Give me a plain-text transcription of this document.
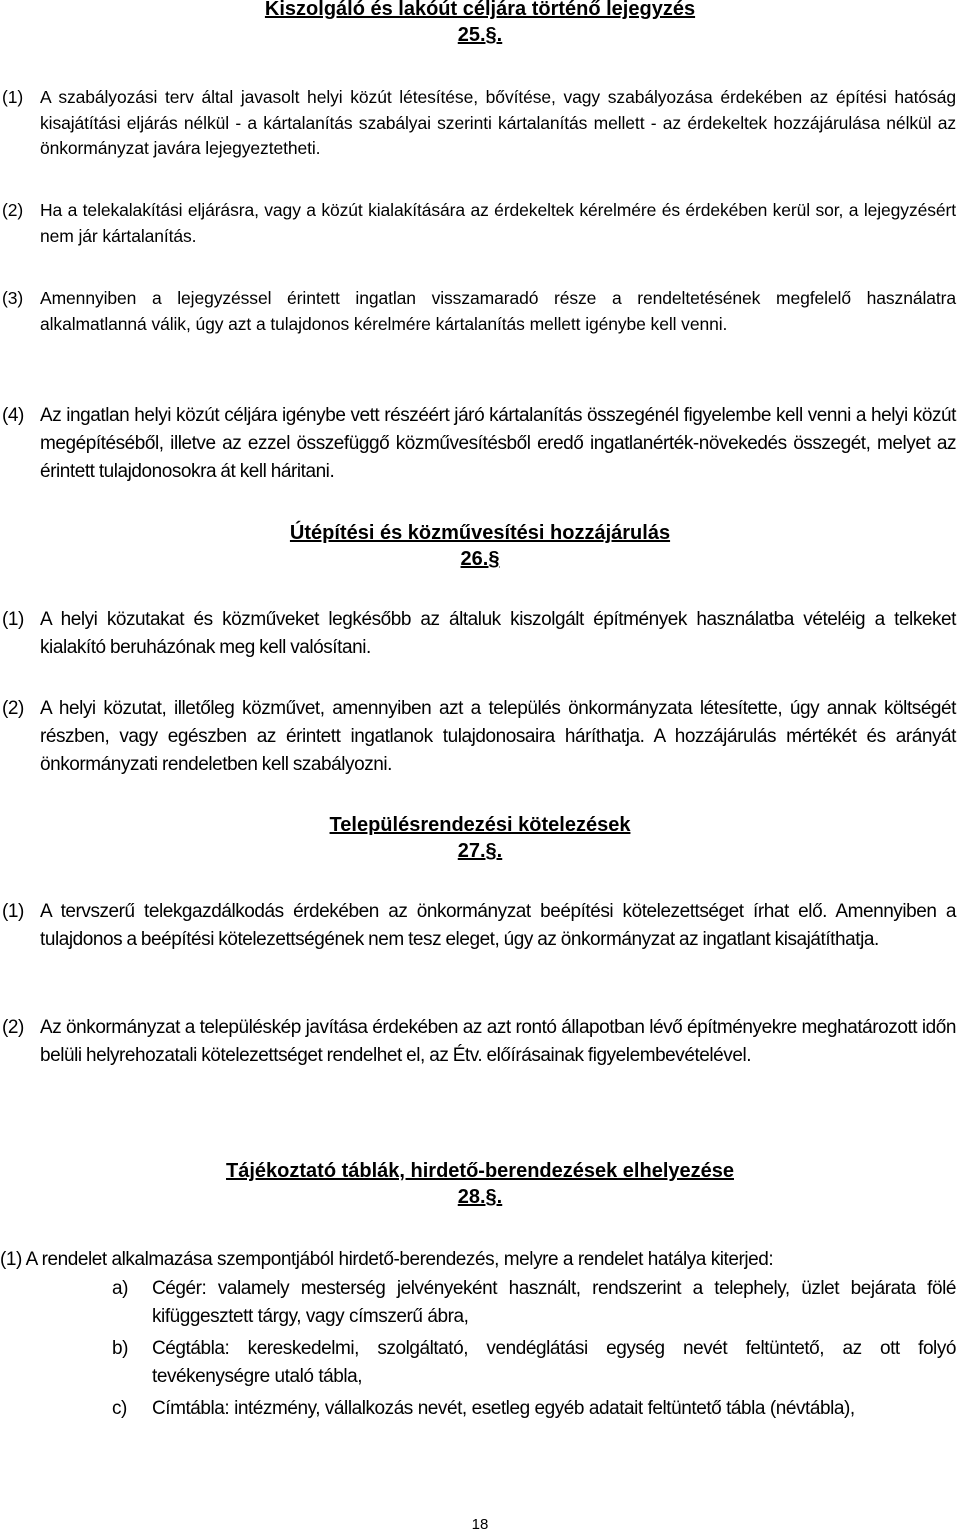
Kiszolgáló és lakóút céljára történő lejegyzés
25.§.
(1) A szabályozási terv által javasolt helyi közút létesítése, bővítése, vagy szabályozása érdekében az építési hatóság kisajátítási eljárás nélkül - a kártalanítás szabályai szerinti kártalanítás mellett - az érdekeltek hozzájárulása nélkül az önkormányzat javára lejegyeztetheti.
(2) Ha a telekalakítási eljárásra, vagy a közút kialakítására az érdekeltek kérelmére és érdekében kerül sor, a lejegyzésért nem jár kártalanítás.
(3) Amennyiben a lejegyzéssel érintett ingatlan visszamaradó része a rendeltetésének megfelelő használatra alkalmatlanná válik, úgy azt a tulajdonos kérelmére kártalanítás mellett igénybe kell venni.
(4) Az ingatlan helyi közút céljára igénybe vett részéért járó kártalanítás összegénél figyelembe kell venni a helyi közút megépítéséből, illetve az ezzel összefüggő közművesítésből eredő ingatlanérték-növekedés összegét, melyet az érintett tulajdonosokra át kell háritani.
Útépítési és közművesítési hozzájárulás
26.§
(1) A helyi közutakat és közműveket legkésőbb az általuk kiszolgált építmények használatba vételéig a telkeket kialakító beruházónak meg kell valósítani.
(2) A helyi közutat, illetőleg közművet, amennyiben azt a település önkormányzata létesítette, úgy annak költségét részben, vagy egészben az érintett ingatlanok tulajdonosaira háríthatja. A hozzájárulás mértékét és arányát önkormányzati rendeletben kell szabályozni.
Településrendezési kötelezések
27.§.
(1) A tervszerű telekgazdálkodás érdekében az önkormányzat beépítési kötelezettséget írhat elő. Amennyiben a tulajdonos a beépítési kötelezettségének nem tesz eleget, úgy az önkormányzat az ingatlant kisajátíthatja.
(2) Az önkormányzat a településkép javítása érdekében az azt rontó állapotban lévő építményekre meghatározott időn belüli helyrehozatali kötelezettséget rendelhet el, az Étv. előírásainak figyelembevételével.
Tájékoztató táblák, hirdető-berendezések elhelyezése
28.§.
(1) A rendelet alkalmazása szempontjából hirdető-berendezés, melyre a rendelet hatálya kiterjed:
a) Cégér: valamely mesterség jelvényeként használt, rendszerint a telephely, üzlet bejárata fölé kifüggesztett tárgy, vagy címszerű ábra,
b) Cégtábla: kereskedelmi, szolgáltató, vendéglátási egység nevét feltüntető, az ott folyó tevékenységre utaló tábla,
c) Címtábla: intézmény, vállalkozás nevét, esetleg egyéb adatait feltüntető tábla (névtábla),
18
